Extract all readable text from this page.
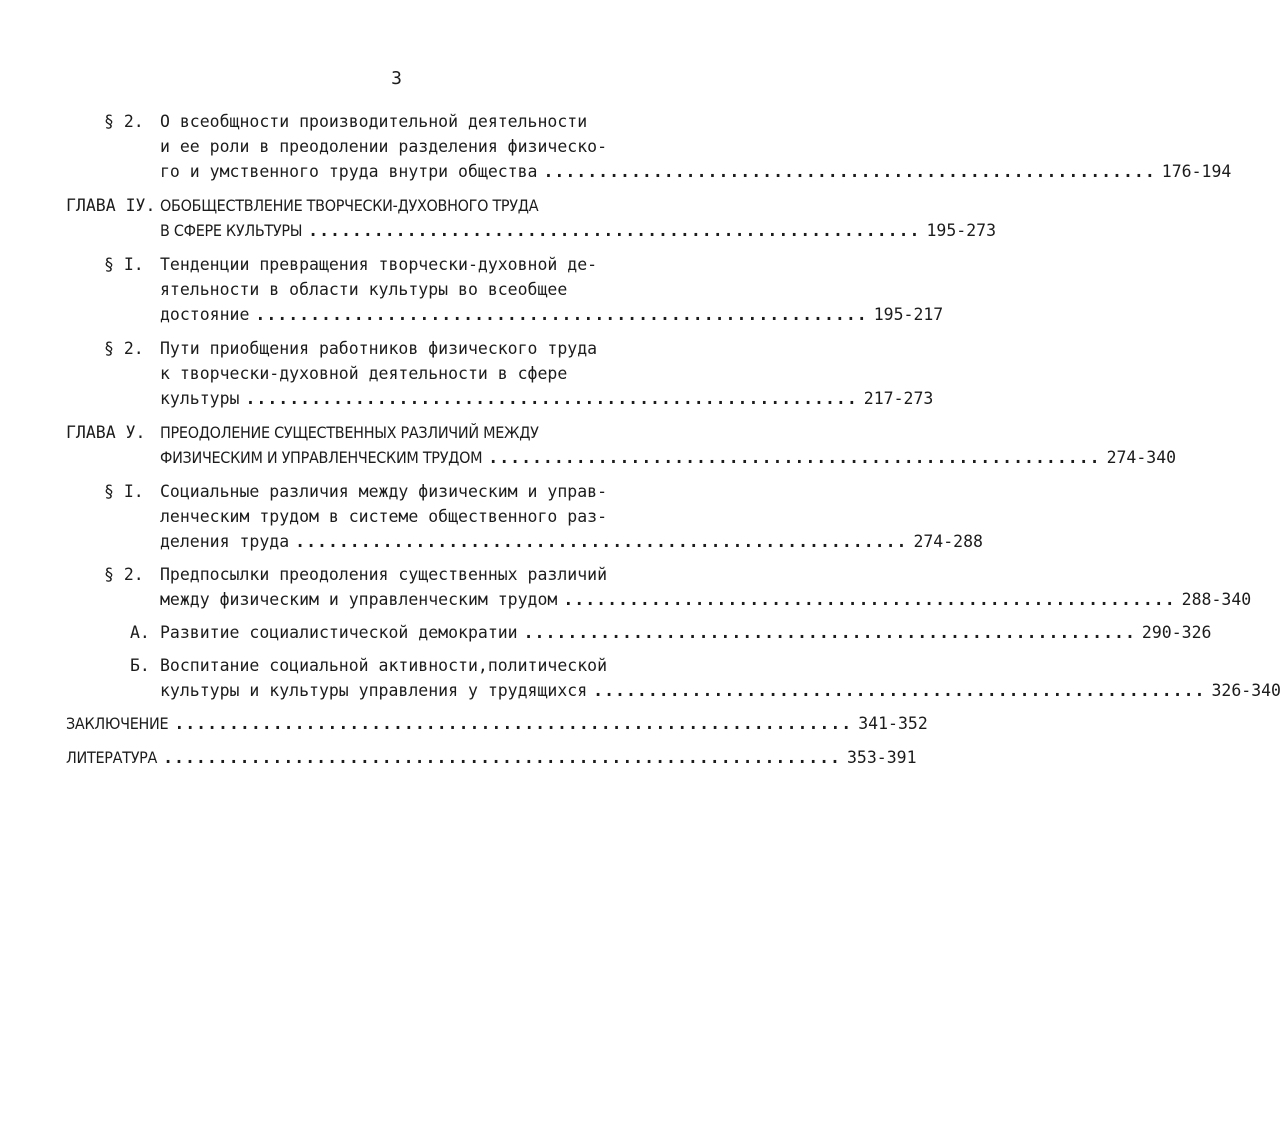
3
§ 2. О всеобщности производительной деятельности
и ее роли в преодолении разделения физическо-
го и умственного труда внутри общества ........................................................ 176-194
ГЛАВА IУ. ОБОБЩЕСТВЛЕНИЕ ТВОРЧЕСКИ-ДУХОВНОГО ТРУДА
В СФЕРЕ КУЛЬТУРЫ ........................................................ 195-273
§ I. Тенденции превращения творчески-духовной де-
ятельности в области культуры во всеобщее
достояние ........................................................ 195-217
§ 2. Пути приобщения работников физического труда
к творчески-духовной деятельности в сфере
культуры ........................................................ 217-273
ГЛАВА У. ПРЕОДОЛЕНИЕ СУЩЕСТВЕННЫХ РАЗЛИЧИЙ МЕЖДУ
ФИЗИЧЕСКИМ И УПРАВЛЕНЧЕСКИМ ТРУДОМ ........................................................ 274-340
§ I. Социальные различия между физическим и управ-
ленческим трудом в системе общественного раз-
деления труда ........................................................ 274-288
§ 2. Предпосылки преодоления существенных различий
между физическим и управленческим трудом ........................................................ 288-340
А. Развитие социалистической демократии ........................................................ 290-326
Б. Воспитание социальной активности,политической
культуры и культуры управления у трудящихся ........................................................ 326-340
ЗАКЛЮЧЕНИЕ .............................................................. 341-352
ЛИТЕРАТУРА .............................................................. 353-391
